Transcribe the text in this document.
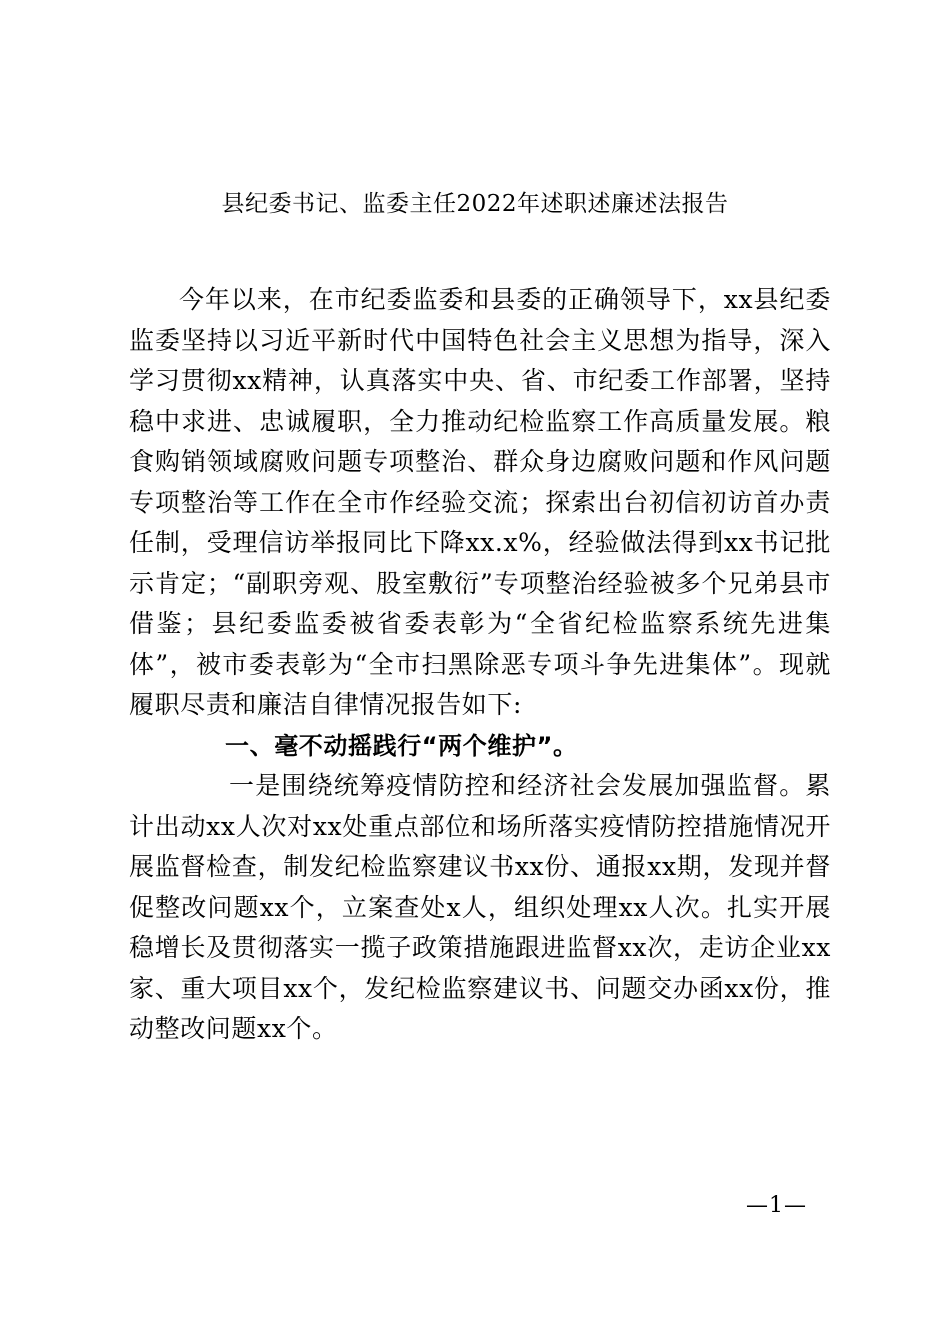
县纪委书记、监委主任2022年述职述廉述法报告

今年以来，在市纪委监委和县委的正确领导下，xx县纪委监委坚持以习近平新时代中国特色社会主义思想为指导，深入学习贯彻xx精神，认真落实中央、省、市纪委工作部署，坚持稳中求进、忠诚履职，全力推动纪检监察工作高质量发展。粮食购销领域腐败问题专项整治、群众身边腐败问题和作风问题专项整治等工作在全市作经验交流；探索出台初信初访首办责任制，受理信访举报同比下降xx.x%，经验做法得到xx书记批示肯定；“副职旁观、股室敷衍”专项整治经验被多个兄弟县市借鉴；县纪委监委被省委表彰为“全省纪检监察系统先进集体”，被市委表彰为“全市扫黑除恶专项斗争先进集体”。现就履职尽责和廉洁自律情况报告如下:

一、毫不动摇践行“两个维护”。

一是围绕统筹疫情防控和经济社会发展加强监督。累计出动xx人次对xx处重点部位和场所落实疫情防控措施情况开展监督检查，制发纪检监察建议书xx份、通报xx期，发现并督促整改问题xx个，立案查处x人，组织处理xx人次。扎实开展稳增长及贯彻落实一揽子政策措施跟进监督xx次，走访企业xx家、重大项目xx个，发纪检监察建议书、问题交办函xx份，推动整改问题xx个。

—1—
